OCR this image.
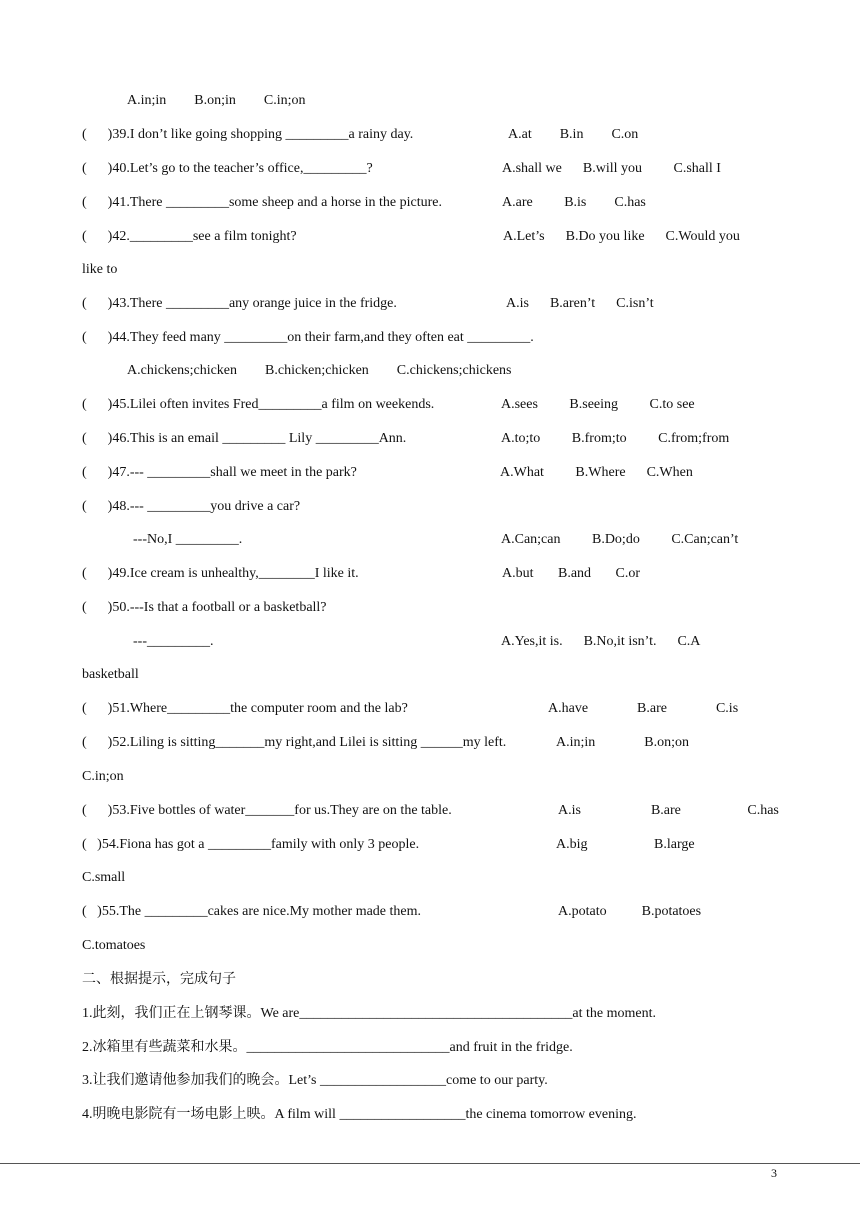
A.in;in        B.on;in        C.in;on
(      )39.I don’t like going shopping _________a rainy day.	A.at        B.in        C.on
(      )40.Let’s go to the teacher’s office,_________?	A.shall we      B.will you         C.shall I
(      )41.There _________some sheep and a horse in the picture.	A.are         B.is        C.has
(      )42._________see a film tonight?	A.Let’s      B.Do you like      C.Would you
like to
(      )43.There _________any orange juice in the fridge.	A.is      B.aren’t      C.isn’t
(      )44.They feed many _________on their farm,and they often eat _________.
A.chickens;chicken        B.chicken;chicken        C.chickens;chickens
(      )45.Lilei often invites Fred_________a film on weekends.	A.sees         B.seeing         C.to see
(      )46.This is an email _________ Lily _________Ann.	A.to;to         B.from;to         C.from;from
(      )47.--- _________shall we meet in the park?	A.What         B.Where      C.When
(      )48.--- _________you drive a car?
---No,I _________.	A.Can;can         B.Do;do         C.Can;can’t
(      )49.Ice cream is unhealthy,________I like it.	A.but       B.and       C.or
(      )50.---Is that a football or a basketball?
---_________.	A.Yes,it is.      B.No,it isn’t.      C.A
basketball
(      )51.Where_________the computer room and the lab?	A.have              B.are              C.is
(      )52.Liling is sitting_______my right,and Lilei is sitting ______my left.	A.in;in              B.on;on
C.in;on
(      )53.Five bottles of water_______for us.They are on the table.	A.is                    B.are                   C.has
(   )54.Fiona has got a _________family with only 3 people.	A.big                   B.large
C.small
(   )55.The _________cakes are nice.My mother made them.	A.potato          B.potatoes
C.tomatoes
二、根据提示，完成句子
1.此刻，我们正在上钢琴课。We are_______________________________________at the moment.
2.冰箱里有些蔬菜和水果。_____________________________and fruit in the fridge.
3.让我们邀请他参加我们的晚会。Let’s __________________come to our party.
4.明晚电影院有一场电影上映。A film will __________________the cinema tomorrow evening.
3
